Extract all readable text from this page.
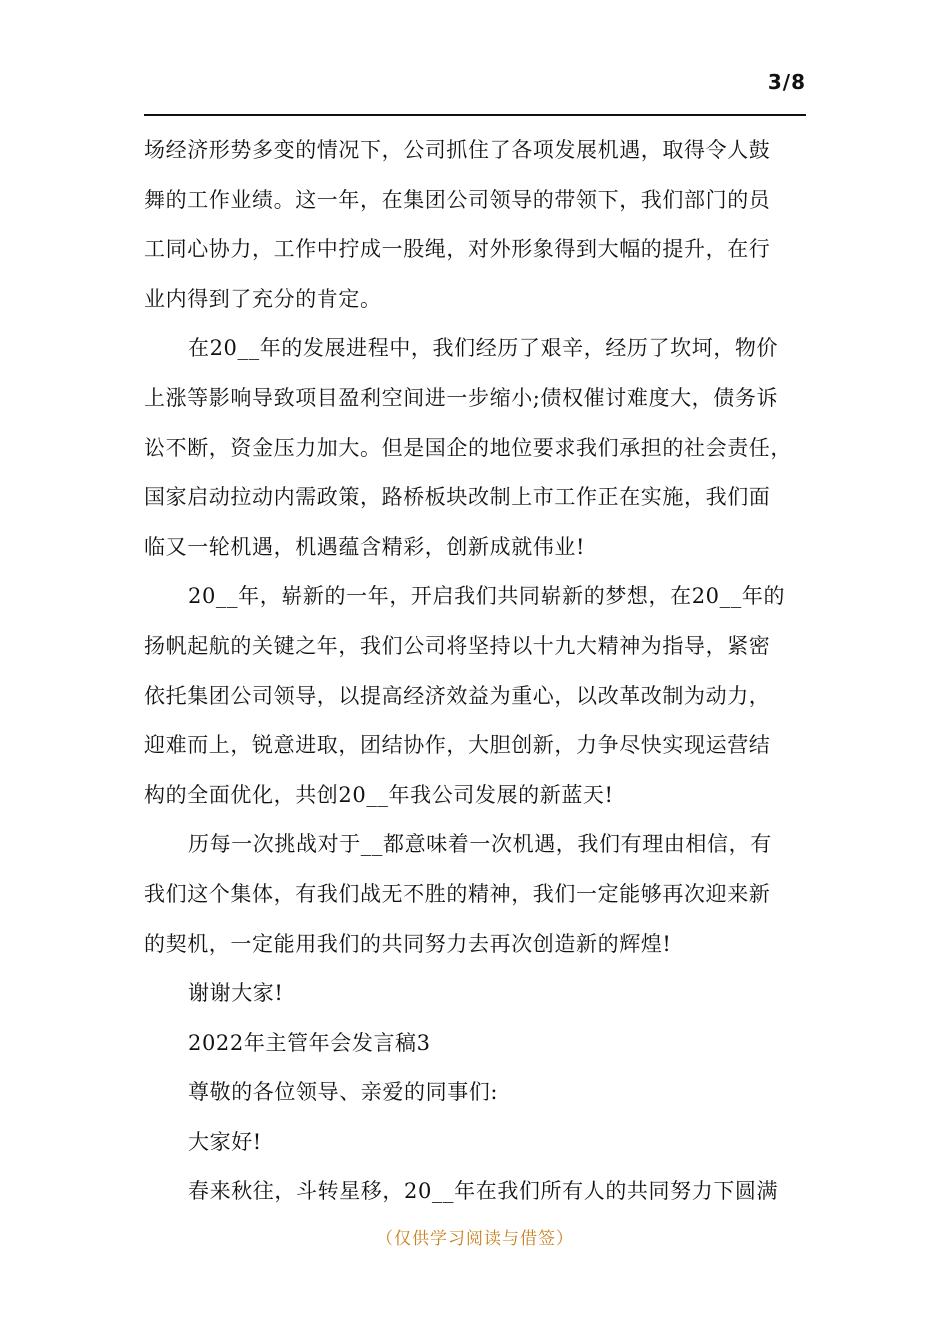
3/8
场经济形势多变的情况下，公司抓住了各项发展机遇，取得令人鼓
舞的工作业绩。这一年，在集团公司领导的带领下，我们部门的员
工同心协力，工作中拧成一股绳，对外形象得到大幅的提升，在行
业内得到了充分的肯定。
在20__年的发展进程中，我们经历了艰辛，经历了坎坷，物价
上涨等影响导致项目盈利空间进一步缩小;债权催讨难度大，债务诉
讼不断，资金压力加大。但是国企的地位要求我们承担的社会责任，
国家启动拉动内需政策，路桥板块改制上市工作正在实施，我们面
临又一轮机遇，机遇蕴含精彩，创新成就伟业!
20__年，崭新的一年，开启我们共同崭新的梦想，在20__年的
扬帆起航的关键之年，我们公司将坚持以十九大精神为指导，紧密
依托集团公司领导，以提高经济效益为重心，以改革改制为动力，
迎难而上，锐意进取，团结协作，大胆创新，力争尽快实现运营结
构的全面优化，共创20__年我公司发展的新蓝天!
历每一次挑战对于__都意味着一次机遇，我们有理由相信，有
我们这个集体，有我们战无不胜的精神，我们一定能够再次迎来新
的契机，一定能用我们的共同努力去再次创造新的辉煌!
谢谢大家!
2022年主管年会发言稿3
尊敬的各位领导、亲爱的同事们:
大家好!
春来秋往，斗转星移，20__年在我们所有人的共同努力下圆满
（仅供学习阅读与借签）
